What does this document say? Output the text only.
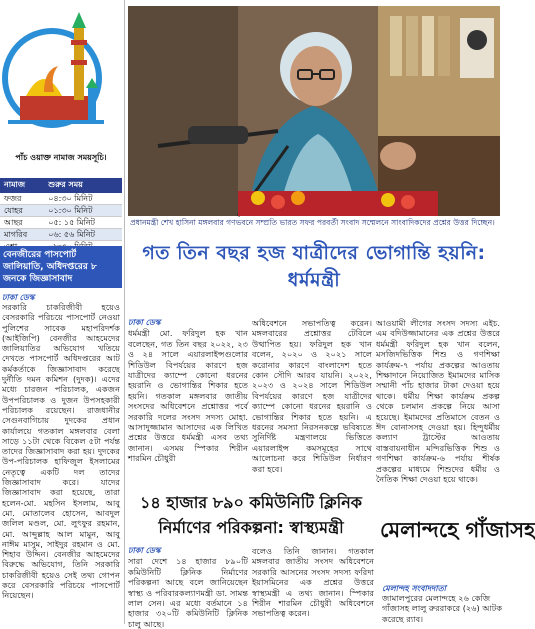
পাঁচ ওয়াক্ত নামাজ সময়সূচি।
নামাজ	শুরুর সময়
ফজর	০৪:৩০ মিনিট
যোহর	০১:৩০ মিনিট
আছর	০৫: ১৫ মিনিট
মাগরিব	০৬: ৫৬ মিনিট

বেনজীরের পাসপোর্ট জালিয়াতি, অধিদপ্তরের ৮ জনকে জিজ্ঞাসাবাদ
ঢাকা ডেস্ক
সরকারি চাকরিজীবী হয়েও বেসরকারি পরিচয়ে পাসপোর্ট নেওয়া পুলিশের সাবেক মহাপরিদর্শক (আইজিপি) বেনজীর আহমেদের জালিয়াতির অভিযোগ খতিয়ে দেখতে পাসপোর্ট অধিদপ্তরের আট কর্মকর্তাকে জিজ্ঞাসাবাদ করেছে দুর্নীতি দমন কমিশন (দুদক)। এদের মধ্যে চারজন পরিচালক, একজন উপপরিচালক ও দুজন উপসহকারী পরিচালক রয়েছেন। রাজধানীর সেগুনবাগিচায় দুদকের প্রধান কার্যালয়ে গতকাল মঙ্গলবার বেলা সাড়ে ১১টা থেকে বিকেল ৫টা পর্যন্ত তাদের জিজ্ঞাসাবাদ করা হয়। দুদকের উপ-পরিচালক হাফিজুল ইসলামের নেতৃত্বে একটি দল তাদের জিজ্ঞাসাবাদ করে। যাদের জিজ্ঞাসাবাদ করা হয়েছে, তারা হলেন-মো. মহসিন ইসলাম, আবু মো. মোতালেব হোসেন, আবদুল জলিল মণ্ডল, মো. লুৎফুর রহমান, মো. আব্দুল্লাহ আল মামুন, আবু নাঈম মাসুম, সাইদুর রহমান ও মো. শিহাব উদ্দিন। বেনজীর আহমেদের বিরুদ্ধে অভিযোগ, তিনি সরকারি চাকরিজীবী হয়েও সেই তথ্য গোপন করে বেসরকারি পরিচয়ে পাসপোর্ট নিয়েছেন।
প্রধানমন্ত্রী শেখ হাসিনা মঙ্গলবার গণভবনে সম্প্রতি ভারত সফর পরবর্তী সংবাদ সম্মেলনে সাংবাদিকদের প্রশ্নের উত্তর দিচ্ছেন।
গত তিন বছর হজ যাত্রীদের ভোগান্তি হয়নি: ধর্মমন্ত্রী
ঢাকা ডেস্ক
ধর্মমন্ত্রী মো. ফরিদুল হক খান বলেছেন, গত তিন বছর ২০২২, ২৩ ও ২৪ সালে এয়ারলাইন্সগুলোর শিডিউল বিপর্যয়ের কারণে হজ যাত্রীদের ক্যাম্পে কোনো ধরনের হয়রানি ও ভোগান্তির শিকার হতে হয়নি। গতকাল মঙ্গলবার জাতীয় সংসদের অধিবেশনে প্রশ্নোত্তর পর্বে সরকারি দলের সংসদ সদস্য মোহা. আসাদুজ্জামান আসাদের এক লিখিত প্রশ্নের উত্তরে ধর্মমন্ত্রী এসব তথ্য জানান। এসময় স্পিকার শিরীন শারমিন চৌধুরী
অধিবেশনে সভাপতিত্ব করেন। মঙ্গলবারের প্রশ্নোত্তর টেবিলে উত্থাপিত হয়। ফরিদুল হক খান বলেন, ২০২০ ও ২০২১ সালে করোনার কারণে বাংলাদেশ হতে কোন সৌদি আরব যায়নি। ২০২২, ২০২৩ ও ২০২৪ সালে শিডিউল বিপর্যয়ের কারণে হজ যাত্রীদের ক্যাম্পে কোনো ধরনের হয়রানি ও ভোগান্তির শিকার হতে হয়নি। এ ধরনের সমস্যা নিরসনকল্পে ভবিষ্যতে সুনির্দিষ্ট মন্ত্রণালয়ে ভিত্তিতে এয়ারলাইন্স কমসমূহের সাথে আলোচনা করে শিডিউল নির্ধারণ করা হবে।
আওয়ামী লীগের সংসদ সদস্য এইচ. এম বদিউজ্জামানের এক প্রশ্নের উত্তরে ধর্মমন্ত্রী ফরিদুল হক খান বলেন, মসজিদভিত্তিক শিশু ও গণশিক্ষা কার্যক্রম-৭ পর্যায় প্রকল্পের আওতায় শিক্ষাদানে নিয়োজিত ইমামদের মাসিক সম্মানী পাঁচ হাজার টাকা দেওয়া হয়ে থাকে। ধর্মীয় শিক্ষা কার্যক্রম প্রকল্প থেকে চলমান প্রকল্পে নিয়ে আসা হয়েছে। ইমামদের প্রতিমাসে বেতন ও ঈদ বোনাসসহ দেওয়া হয়। হিন্দুধর্মীয় কল্যাণ ট্রাস্টের আওতায় বাস্তবায়নাধীন মন্দিরভিত্তিক শিশু ও গণশিক্ষা কার্যক্রম-৬ পর্যায় শীর্ষক প্রকল্পের মাধ্যমে শিশুদের ধর্মীয় ও নৈতিক শিক্ষা দেওয়া হয়ে থাকে।
১৪ হাজার ৮৯০ কমিউনিটি ক্লিনিক নির্মাণের পরিকল্পনা: স্বাস্থ্যমন্ত্রী
ঢাকা ডেস্ক
সারা দেশে ১৪ হাজার ৮৯০টি কমিউনিটি ক্লিনিক নির্মাণের পরিকল্পনা আছে বলে জানিয়েছেন স্বাস্থ্য ও পরিবারকল্যাণমন্ত্রী ডা. সামন্ত লাল সেন। এর মধ্যে বর্তমানে ১৪ হাজার ৩২০টি কমিউনিটি ক্লিনিক চালু আছে।
বলেও তিনি জানান। গতকাল মঙ্গলবার জাতীয় সংসদ অধিবেশনে সরকারি আসনের সংসদ সদস্য ফরিদা ইয়াসমিনের এক প্রশ্নের উত্তরে স্বাস্থ্যমন্ত্রী এ তথ্য জানান। স্পিকার শিরীন শারমিন চৌধুরী অধিবেশনে সভাপতিত্ব করেন।
মেলান্দহে গাঁজাসহ
মেলান্দহ সংবাদদাতা
জামালপুরের মেলান্দহে ২৬ কেজি গাঁজাসহ লালু রুররাকরে (২৬) আটক করেছে র‍্যাব।
